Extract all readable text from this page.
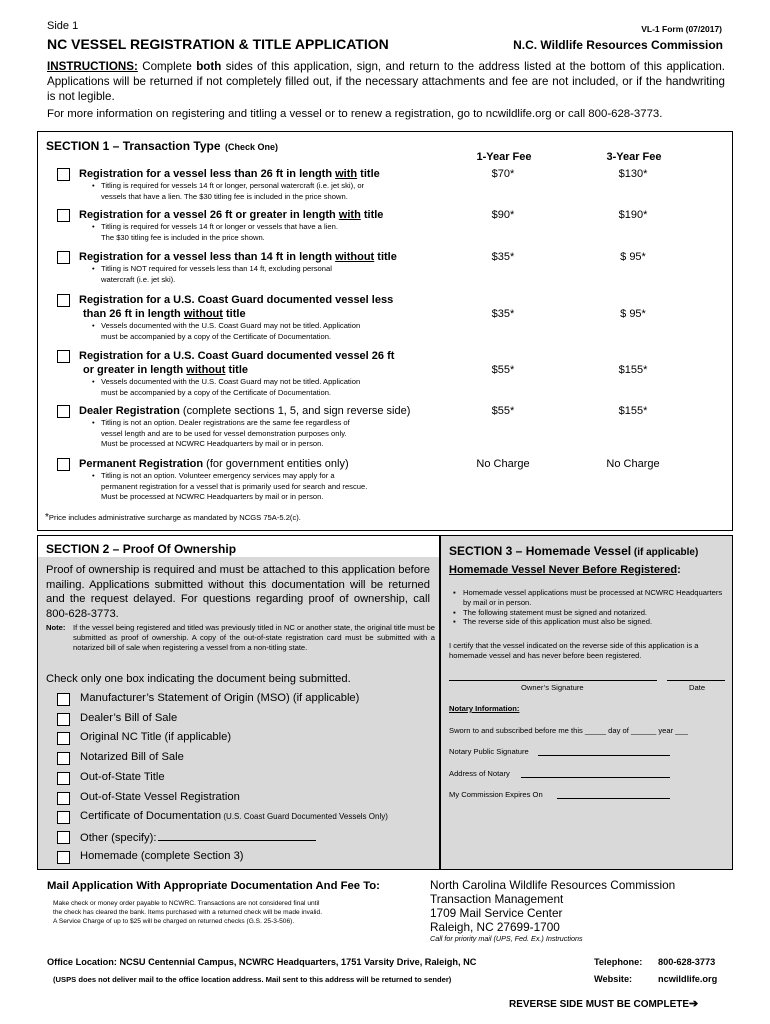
Side 1	VL-1 Form (07/2017)
NC VESSEL REGISTRATION & TITLE APPLICATION	N.C. Wildlife Resources Commission
INSTRUCTIONS: Complete both sides of this application, sign, and return to the address listed at the bottom of this application. Applications will be returned if not completely filled out, if the necessary attachments and fee are not included, or if the handwriting is not legible.
For more information on registering and titling a vessel or to renew a registration, go to ncwildlife.org or call 800-628-3773.
SECTION 1 – Transaction Type (Check One)
1-Year Fee	3-Year Fee
Registration for a vessel less than 26 ft in length with title
• Titling is required for vessels 14 ft or longer, personal watercraft (i.e. jet ski), or
vessels that have a lien. The $30 titling fee is included in the price shown.
$70*	$130*
Registration for a vessel 26 ft or greater in length with title
• Titling is required for vessels 14 ft or longer or vessels that have a lien.
The $30 titling fee is included in the price shown.
$90*	$190*
Registration for a vessel less than 14 ft in length without title
• Titling is NOT required for vessels less than 14 ft, excluding personal
watercraft (i.e. jet ski).
$35*	$ 95*
Registration for a U.S. Coast Guard documented vessel less
than 26 ft in length without title
• Vessels documented with the U.S. Coast Guard may not be titled. Application
must be accompanied by a copy of the Certificate of Documentation.
$35*	$ 95*
Registration for a U.S. Coast Guard documented vessel 26 ft
or greater in length without title
• Vessels documented with the U.S. Coast Guard may not be titled. Application
must be accompanied by a copy of the Certificate of Documentation.
$55*	$155*
Dealer Registration (complete sections 1, 5, and sign reverse side)
• Titling is not an option. Dealer registrations are the same fee regardless of
vessel length and are to be used for vessel demonstration purposes only.
Must be processed at NCWRC Headquarters by mail or in person.
$55*	$155*
Permanent Registration (for government entities only)
• Titling is not an option. Volunteer emergency services may apply for a
permanent registration for a vessel that is primarily used for search and rescue.
Must be processed at NCWRC Headquarters by mail or in person.
No Charge	No Charge
*Price includes administrative surcharge as mandated by NCGS 75A-5.2(c).
SECTION 2 – Proof Of Ownership
Proof of ownership is required and must be attached to this application before mailing. Applications submitted without this documentation will be returned and the request delayed. For questions regarding proof of ownership, call 800-628-3773.
Note: If the vessel being registered and titled was previously titled in NC or another state, the original title must be submitted as proof of ownership. A copy of the out-of-state registration card must be submitted with a notarized bill of sale when registering a vessel from a non-titling state.
Check only one box indicating the document being submitted.
Manufacturer’s Statement of Origin (MSO) (if applicable)
Dealer’s Bill of Sale
Original NC Title (if applicable)
Notarized Bill of Sale
Out-of-State Title
Out-of-State Vessel Registration
Certificate of Documentation (U.S. Coast Guard Documented Vessels Only)
Other (specify):
Homemade (complete Section 3)
SECTION 3 – Homemade Vessel (if applicable)
Homemade Vessel Never Before Registered:
▪ Homemade vessel applications must be processed at NCWRC Headquarters by mail or in person.
▪ The following statement must be signed and notarized.
▪ The reverse side of this application must also be signed.
I certify that the vessel indicated on the reverse side of this application is a homemade vessel and has never before been registered.
Owner’s Signature	Date
Notary Information:
Sworn to and subscribed before me this _____ day of ______ year ___
Notary Public Signature
Address of Notary
My Commission Expires On
Mail Application With Appropriate Documentation And Fee To:
Make check or money order payable to NCWRC. Transactions are not considered final until
the check has cleared the bank. Items purchased with a returned check will be made invalid.
A Service Charge of up to $25 will be charged on returned checks (G.S. 25-3-506).
North Carolina Wildlife Resources Commission
Transaction Management
1709 Mail Service Center
Raleigh, NC 27699-1700
Call for priority mail (UPS, Fed. Ex.) Instructions
Office Location: NCSU Centennial Campus, NCWRC Headquarters, 1751 Varsity Drive, Raleigh, NC
(USPS does not deliver mail to the office location address. Mail sent to this address will be returned to sender)
Telephone: 800-628-3773
Website:	ncwildlife.org
REVERSE SIDE MUST BE COMPLETE➔
